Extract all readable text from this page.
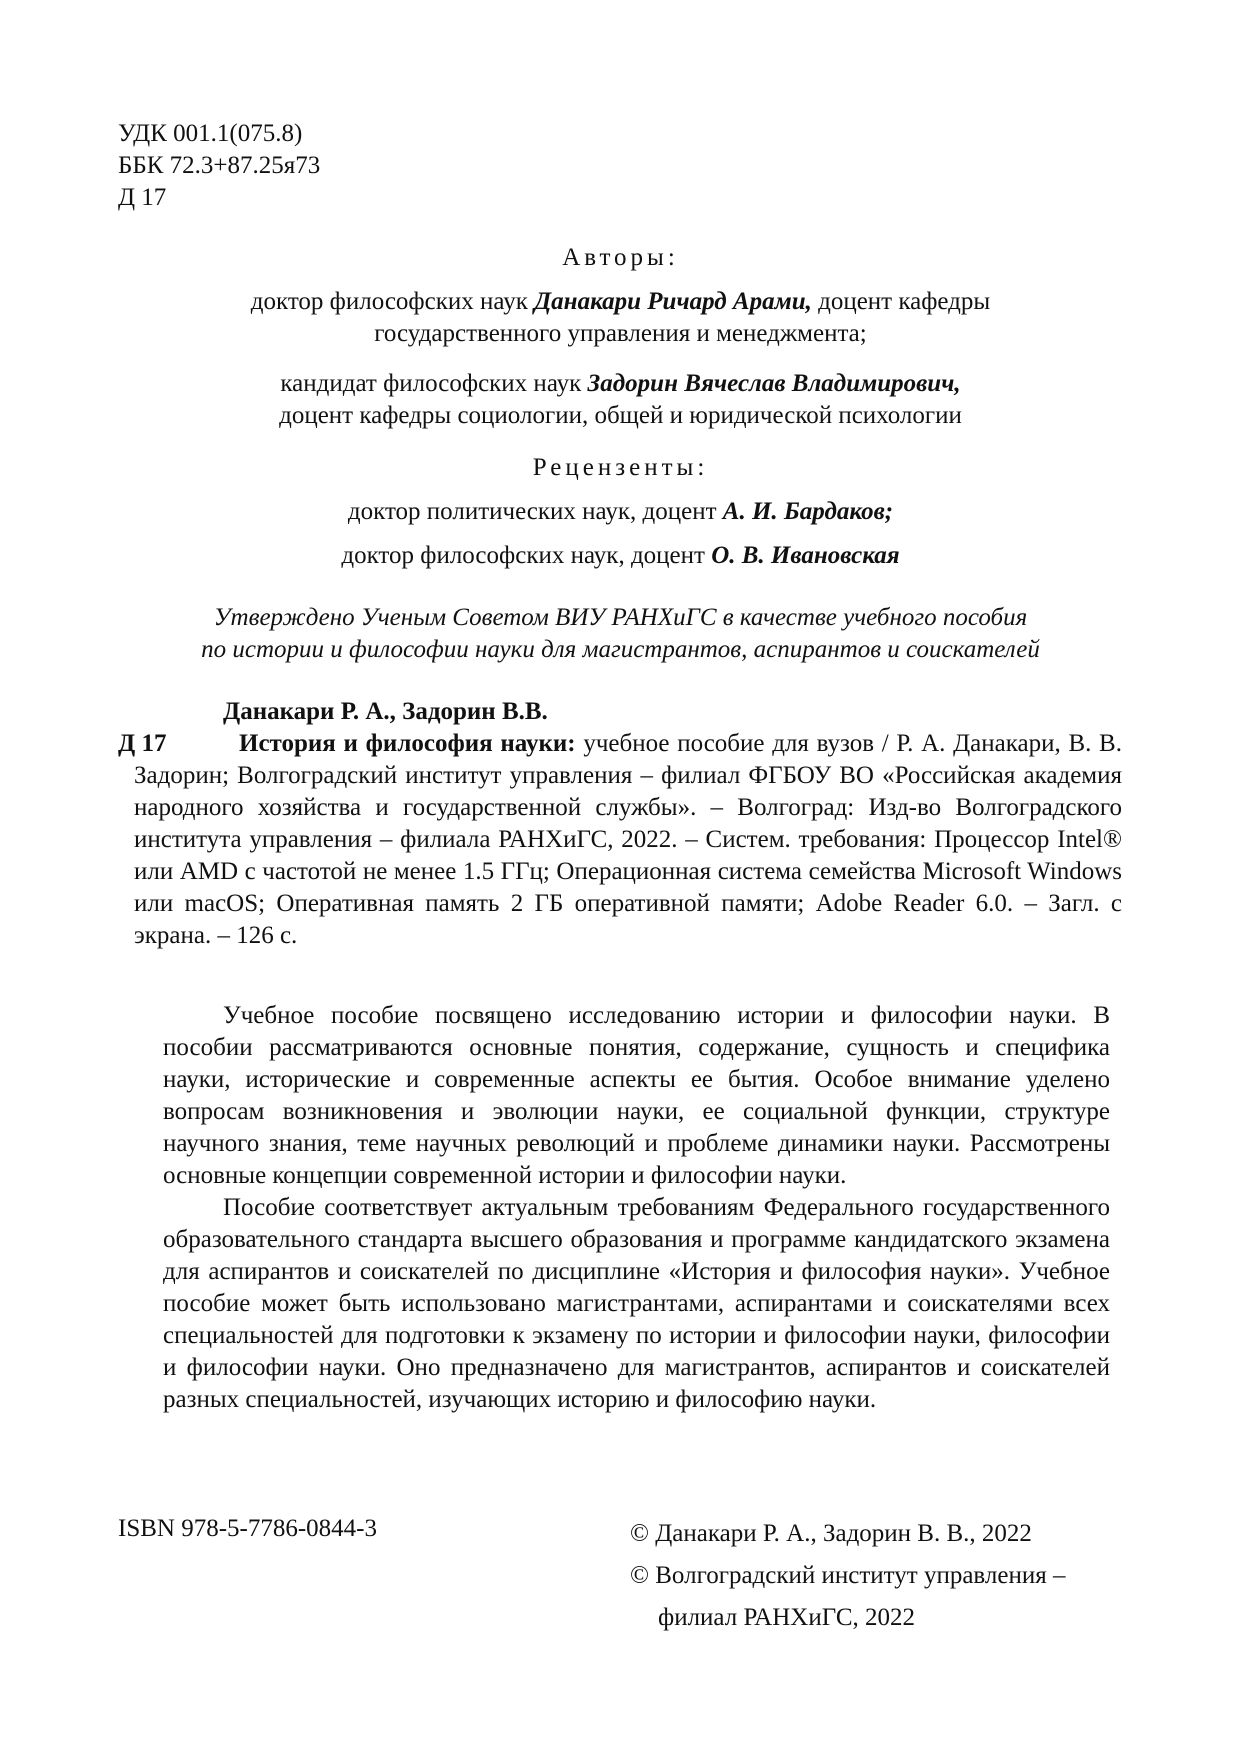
УДК 001.1(075.8)
ББК 72.3+87.25я73
Д 17
Авторы:
доктор философских наук Данакари Ричард Арами, доцент кафедры
государственного управления и менеджмента;
кандидат философских наук Задорин Вячеслав Владимирович,
доцент кафедры социологии, общей и юридической психологии
Рецензенты:
доктор политических наук, доцент А. И. Бардаков;
доктор философских наук, доцент О. В. Ивановская
Утверждено Ученым Советом ВИУ РАНХиГС в качестве учебного пособия
по истории и философии науки для магистрантов, аспирантов и соискателей
Данакари Р. А., Задорин В.В.
Д 17	История и философия науки: учебное пособие для вузов / Р. А. Данакари, В. В. Задорин; Волгоградский институт управления – филиал ФГБОУ ВО «Российская академия народного хозяйства и государственной службы». – Волгоград: Изд-во Волгоградского института управления – филиала РАНХиГС, 2022. – Систем. требования: Процессор Intel® или AMD с частотой не менее 1.5 ГГц; Операционная система семейства Microsoft Windows или macOS; Оперативная память 2 ГБ оперативной памяти; Adobe Reader 6.0. – Загл. с экрана. – 126 с.

Учебное пособие посвящено исследованию истории и философии науки. В пособии рассматриваются основные понятия, содержание, сущность и специфика науки, исторические и современные аспекты ее бытия. Особое внимание уделено вопросам возникновения и эволюции науки, ее социальной функции, структуре научного знания, теме научных революций и проблеме динамики науки. Рассмотрены основные концепции современной истории и философии науки.

Пособие соответствует актуальным требованиям Федерального государственного образовательного стандарта высшего образования и программе кандидатского экзамена для аспирантов и соискателей по дисциплине «История и философия науки». Учебное пособие может быть использовано магистрантами, аспирантами и соискателями всех специальностей для подготовки к экзамену по истории и философии науки, философии и философии науки. Оно предназначено для магистрантов, аспирантов и соискателей разных специальностей, изучающих историю и философию науки.

ISBN 978-5-7786-0844-3	© Данакари Р. А., Задорин В. В., 2022
© Волгоградский институт управления –
филиал РАНХиГС, 2022
